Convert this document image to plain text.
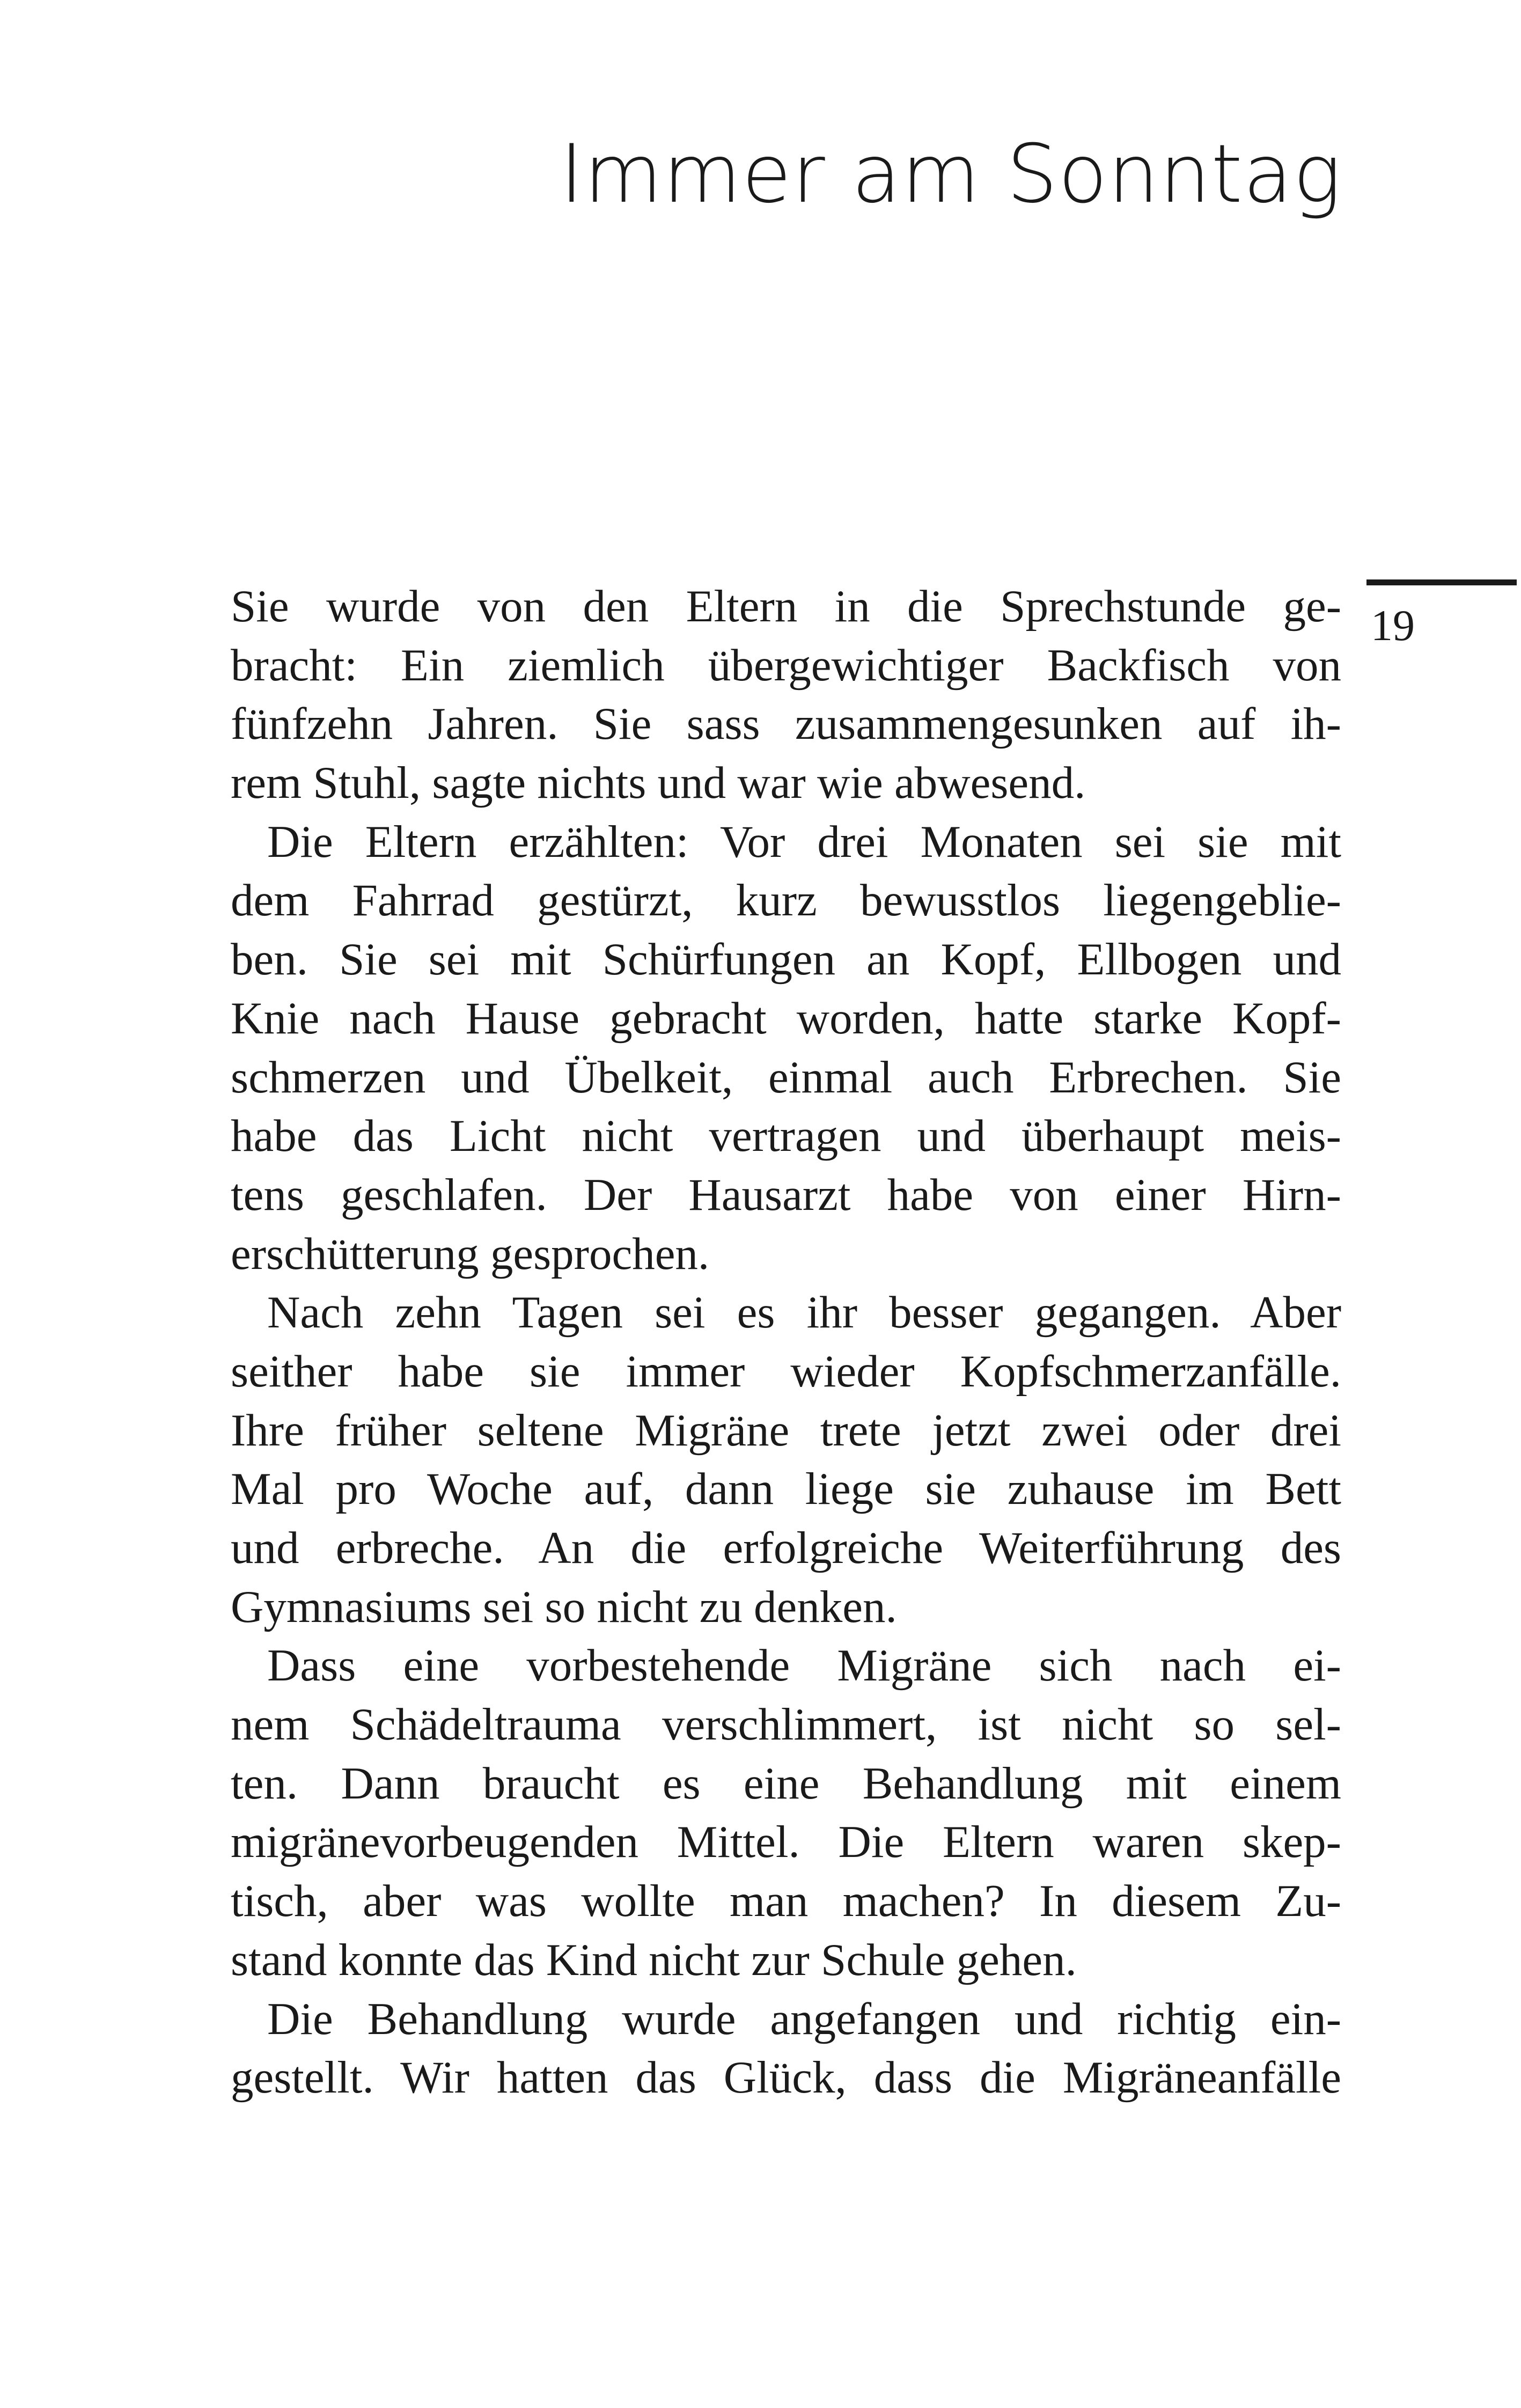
Immer am Sonntag
19
Sie wurde von den Eltern in die Sprechstunde ge-
bracht: Ein ziemlich übergewichtiger Backfisch von
fünfzehn Jahren. Sie sass zusammengesunken auf ih-
rem Stuhl, sagte nichts und war wie abwesend.
Die Eltern erzählten: Vor drei Monaten sei sie mit
dem Fahrrad gestürzt, kurz bewusstlos liegengeblie-
ben. Sie sei mit Schürfungen an Kopf, Ellbogen und
Knie nach Hause gebracht worden, hatte starke Kopf-
schmerzen und Übelkeit, einmal auch Erbrechen. Sie
habe das Licht nicht vertragen und überhaupt meis-
tens geschlafen. Der Hausarzt habe von einer Hirn-
erschütterung gesprochen.
Nach zehn Tagen sei es ihr besser gegangen. Aber
seither habe sie immer wieder Kopfschmerzanfälle.
Ihre früher seltene Migräne trete jetzt zwei oder drei
Mal pro Woche auf, dann liege sie zuhause im Bett
und erbreche. An die erfolgreiche Weiterführung des
Gymnasiums sei so nicht zu denken.
Dass eine vorbestehende Migräne sich nach ei-
nem Schädeltrauma verschlimmert, ist nicht so sel-
ten. Dann braucht es eine Behandlung mit einem
migränevorbeugenden Mittel. Die Eltern waren skep-
tisch, aber was wollte man machen? In diesem Zu-
stand konnte das Kind nicht zur Schule gehen.
Die Behandlung wurde angefangen und richtig ein-
gestellt. Wir hatten das Glück, dass die Migräneanfälle
